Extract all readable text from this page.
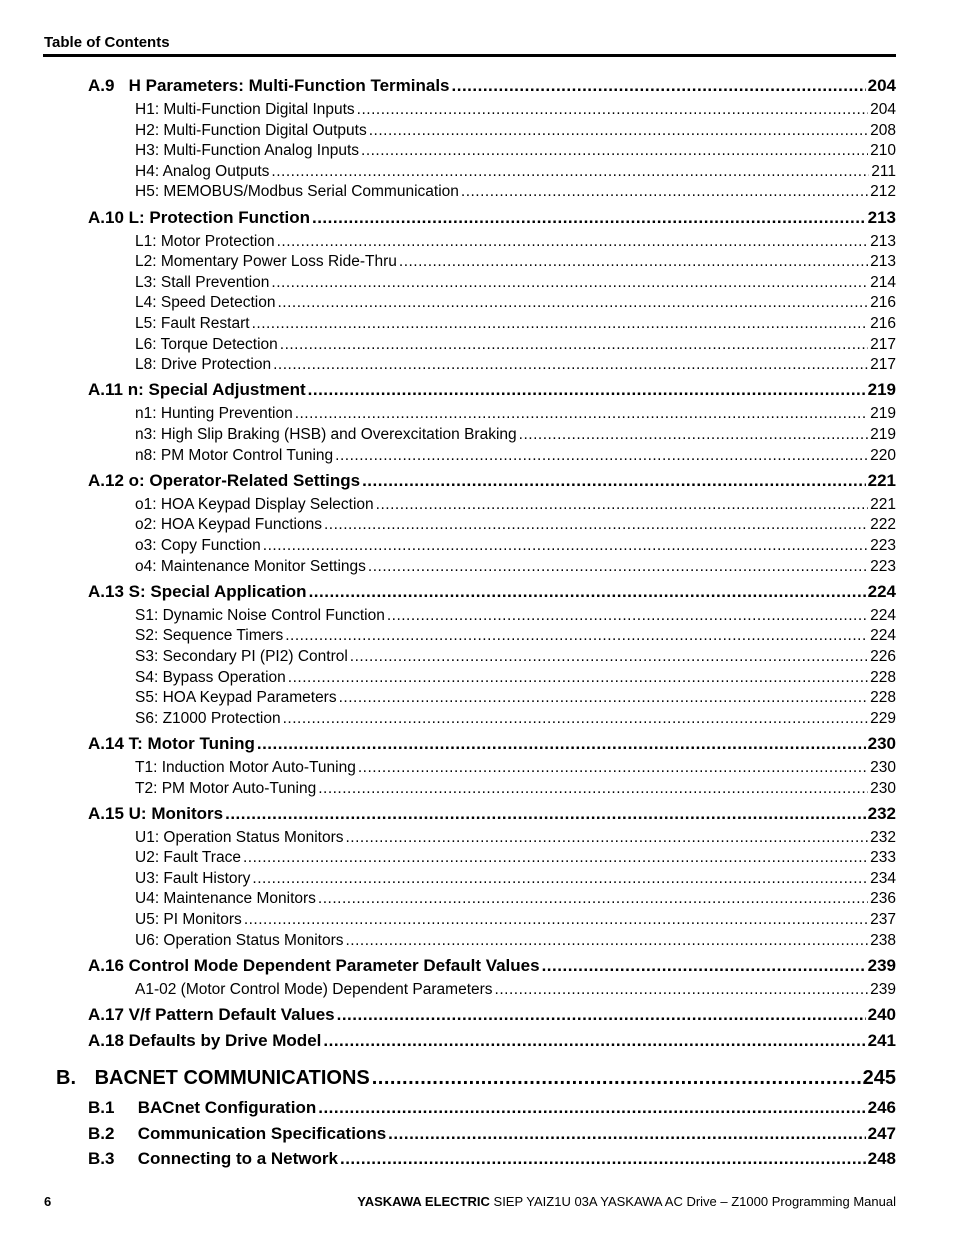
Table of Contents
A.9 H Parameters: Multi-Function Terminals .....	204
H1: Multi-Function Digital Inputs .....	204
H2: Multi-Function Digital Outputs .....	208
H3: Multi-Function Analog Inputs .....	210
H4: Analog Outputs .....	211
H5: MEMOBUS/Modbus Serial Communication .....	212
A.10 L: Protection Function .....	213
L1: Motor Protection .....	213
L2: Momentary Power Loss Ride-Thru .....	213
L3: Stall Prevention .....	214
L4: Speed Detection .....	216
L5: Fault Restart .....	216
L6: Torque Detection .....	217
L8: Drive Protection .....	217
A.11 n: Special Adjustment .....	219
n1: Hunting Prevention .....	219
n3: High Slip Braking (HSB) and Overexcitation Braking .....	219
n8: PM Motor Control Tuning .....	220
A.12 o: Operator-Related Settings .....	221
o1: HOA Keypad Display Selection .....	221
o2: HOA Keypad Functions .....	222
o3: Copy Function .....	223
o4: Maintenance Monitor Settings .....	223
A.13 S: Special Application .....	224
S1: Dynamic Noise Control Function .....	224
S2: Sequence Timers .....	224
S3: Secondary PI (PI2) Control .....	226
S4: Bypass Operation .....	228
S5: HOA Keypad Parameters .....	228
S6: Z1000 Protection .....	229
A.14 T: Motor Tuning .....	230
T1: Induction Motor Auto-Tuning .....	230
T2: PM Motor Auto-Tuning .....	230
A.15 U: Monitors .....	232
U1: Operation Status Monitors .....	232
U2: Fault Trace .....	233
U3: Fault History .....	234
U4: Maintenance Monitors .....	236
U5: PI Monitors .....	237
U6: Operation Status Monitors .....	238
A.16 Control Mode Dependent Parameter Default Values .....	239
A1-02 (Motor Control Mode) Dependent Parameters .....	239
A.17 V/f Pattern Default Values .....	240
A.18 Defaults by Drive Model .....	241
B. BACNET COMMUNICATIONS .....	245
B.1 BACnet Configuration .....	246
B.2 Communication Specifications .....	247
B.3 Connecting to a Network .....	248
6	YASKAWA ELECTRIC SIEP YAIZ1U 03A YASKAWA AC Drive – Z1000 Programming Manual
